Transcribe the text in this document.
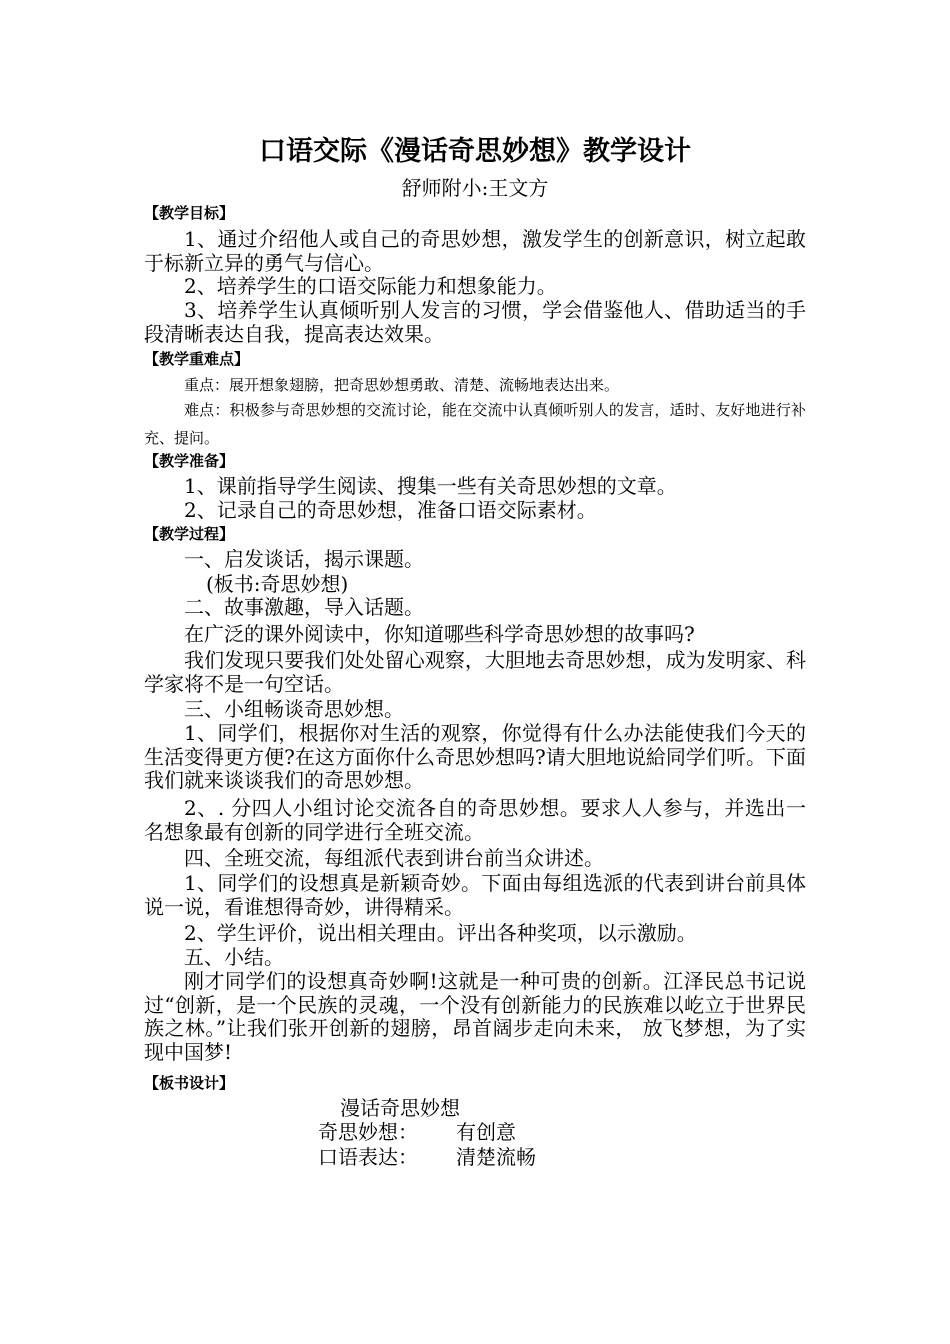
口语交际《漫话奇思妙想》教学设计
舒师附小:王文方
【教学目标】
1、通过介绍他人或自己的奇思妙想，激发学生的创新意识，树立起敢于标新立异的勇气与信心。
2、培养学生的口语交际能力和想象能力。
3、培养学生认真倾听别人发言的习惯，学会借鉴他人、借助适当的手段清晰表达自我，提高表达效果。
【教学重难点】
重点：展开想象翅膀，把奇思妙想勇敢、清楚、流畅地表达出来。
难点：积极参与奇思妙想的交流讨论，能在交流中认真倾听别人的发言，适时、友好地进行补充、提问。
【教学准备】
1、课前指导学生阅读、搜集一些有关奇思妙想的文章。
2、记录自己的奇思妙想，准备口语交际素材。
【教学过程】
一、启发谈话，揭示课题。
(板书:奇思妙想)
二、故事激趣，导入话题。
在广泛的课外阅读中，你知道哪些科学奇思妙想的故事吗?
我们发现只要我们处处留心观察，大胆地去奇思妙想，成为发明家、科学家将不是一句空话。
三、小组畅谈奇思妙想。
1、同学们，根据你对生活的观察，你觉得有什么办法能使我们今天的生活变得更方便?在这方面你什么奇思妙想吗?请大胆地说給同学们听。下面我们就来谈谈我们的奇思妙想。
2、. 分四人小组讨论交流各自的奇思妙想。要求人人参与，并选出一名想象最有创新的同学进行全班交流。
四、全班交流，每组派代表到讲台前当众讲述。
1、同学们的设想真是新颖奇妙。下面由每组选派的代表到讲台前具体说一说，看谁想得奇妙，讲得精采。
2、学生评价，说出相关理由。评出各种奖项，以示激励。
五、小结。
刚才同学们的设想真奇妙啊!这就是一种可贵的创新。江泽民总书记说过“创新，是一个民族的灵魂，一个没有创新能力的民族难以屹立于世界民族之林。”让我们张开创新的翅膀，昂首阔步走向未来， 放飞梦想，为了实现中国梦!
【板书设计】
漫话奇思妙想
奇思妙想： 有创意
口语表达： 清楚流畅
